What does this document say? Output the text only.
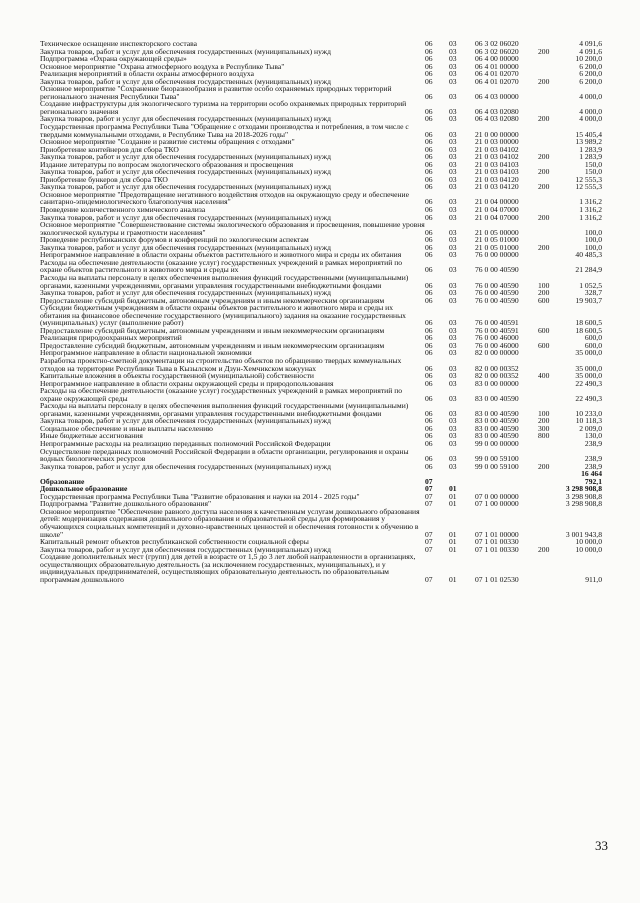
Техническое оснащение инспекторского состава	06	03	06 3 02 06020		4 091,6
Закупка товаров, работ и услуг для обеспечения государственных (муниципальных) нужд	06	03	06 3 02 06020	200	4 091,6
Подпрограмма «Охрана окружающей среды»	06	03	06 4 00 00000		10 200,0
Основное мероприятие "Охрана атмосферного воздуха в Республике Тыва"	06	03	06 4 01 00000		6 200,0
Реализация мероприятий в области охраны атмосферного воздуха	06	03	06 4 01 02070		6 200,0
Закупка товаров, работ и услуг для обеспечения государственных (муниципальных) нужд	06	03	06 4 01 02070	200	6 200,0
Основное мероприятие "Сохранение биоразнообразия и развитие особо охраняемых природных территорий регионального значения Республики Тыва"	06	03	06 4 03 00000		4 000,0
Создание инфраструктуры для экологического туризма на территории особо охраняемых природных территорий регионального значения	06	03	06 4 03 02080		4 000,0
Закупка товаров, работ и услуг для обеспечения государственных (муниципальных) нужд	06	03	06 4 03 02080	200	4 000,0
Государственная программа Республики Тыва "Обращение с отходами производства и потребления, в том числе с твердыми коммунальными отходами, в Республике Тыва на 2018-2026 годы"	06	03	21 0 00 00000		15 405,4
Основное мероприятие "Создание и развитие системы обращения с отходами"	06	03	21 0 03 00000		13 989,2
Приобретение контейнеров для сбора ТКО	06	03	21 0 03 04102		1 283,9
Закупка товаров, работ и услуг для обеспечения государственных (муниципальных) нужд	06	03	21 0 03 04102	200	1 283,9
Издание литературы по вопросам экологического образования и просвещения	06	03	21 0 03 04103		150,0
Закупка товаров, работ и услуг для обеспечения государственных (муниципальных) нужд	06	03	21 0 03 04103	200	150,0
Приобретение бункеров для сбора ТКО	06	03	21 0 03 04120		12 555,3
Закупка товаров, работ и услуг для обеспечения государственных (муниципальных) нужд	06	03	21 0 03 04120	200	12 555,3
Основное мероприятие "Предотвращение негативного воздействия отходов на окружающую среду и обеспечение санитарно-эпидемиологического благополучия населения"	06	03	21 0 04 00000		1 316,2
Проведение количественного химического анализа	06	03	21 0 04 07000		1 316,2
Закупка товаров, работ и услуг для обеспечения государственных (муниципальных) нужд	06	03	21 0 04 07000	200	1 316,2
Основное мероприятие "Совершенствование системы экологического образования и просвещения, повышение уровня экологической культуры и грамотности населения"	06	03	21 0 05 00000		100,0
Проведение республиканских форумов и конференций по экологическим аспектам	06	03	21 0 05 01000		100,0
Закупка товаров, работ и услуг для обеспечения государственных (муниципальных) нужд	06	03	21 0 05 01000	200	100,0
Непрограммное направление в области охраны объектов растительного и животного мира и среды их обитания	06	03	76 0 00 00000		40 485,3
Расходы на обеспечение деятельности (оказание услуг) государственных учреждений в рамках мероприятий по охране объектов растительного и животного мира и среды их	06	03	76 0 00 40590		21 284,9
Расходы на выплаты персоналу в целях обеспечения выполнения функций государственными (муниципальными) органами, казенными учреждениями, органами управления государственными внебюджетными фондами	06	03	76 0 00 40590	100	1 052,5
Закупка товаров, работ и услуг для обеспечения государственных (муниципальных) нужд	06	03	76 0 00 40590	200	328,7
Предоставление субсидий бюджетным, автономным учреждениям и иным некоммерческим организациям	06	03	76 0 00 40590	600	19 903,7
Субсидии бюджетным учреждениям в области охраны объектов растительного и животного мира и среды их обитания на финансовое обеспечение государственного (муниципального) задания на оказание государственных (муниципальных) услуг (выполнение работ)	06	03	76 0 00 40591		18 600,5
Предоставление субсидий бюджетным, автономным учреждениям и иным некоммерческим организациям	06	03	76 0 00 40591	600	18 600,5
Реализация природоохранных мероприятий	06	03	76 0 00 46000		600,0
Предоставление субсидий бюджетным, автономным учреждениям и иным некоммерческим организациям	06	03	76 0 00 46000	600	600,0
Непрограммное направление в области национальной экономики	06	03	82 0 00 00000		35 000,0
Разработка проектно-сметной документации на строительство объектов по обращению твердых коммунальных отходов на территории Республики Тыва в Кызылском и Дзун-Хемчикском кожуунах	06	03	82 0 00 00352		35 000,0
Капитальные вложения в объекты государственной (муниципальной) собственности	06	03	82 0 00 00352	400	35 000,0
Непрограммное направление в области охраны окружающей среды и природопользования	06	03	83 0 00 00000		22 490,3
Расходы на обеспечение деятельности (оказание услуг) государственных учреждений в рамках мероприятий по охране окружающей среды	06	03	83 0 00 40590		22 490,3
Расходы на выплаты персоналу в целях обеспечения выполнения функций государственными (муниципальными) органами, казенными учреждениями, органами управления государственными внебюджетными фондами	06	03	83 0 00 40590	100	10 233,0
Закупка товаров, работ и услуг для обеспечения государственных (муниципальных) нужд	06	03	83 0 00 40590	200	10 118,3
Социальное обеспечение и иные выплаты населению	06	03	83 0 00 40590	300	2 009,0
Иные бюджетные ассигнования	06	03	83 0 00 40590	800	130,0
Непрограммные расходы на реализацию переданных полномочий Российской Федерации	06	03	99 0 00 00000		238,9
Осуществление переданных полномочий Российской Федерации в области организации, регулирования и охраны водных биологических ресурсов	06	03	99 0 00 59100		238,9
Закупка товаров, работ и услуг для обеспечения государственных (муниципальных) нужд	06	03	99 0 00 59100	200	238,9
Образование	07				16 464 792,1
Дошкольное образование	07	01			3 298 908,8
Государственная программа Республики Тыва "Развитие образования и науки на 2014 - 2025 годы"	07	01	07 0 00 00000		3 298 908,8
Подпрограмма "Развитие дошкольного образования"	07	01	07 1 00 00000		3 298 908,8
Основное мероприятие "Обеспечение равного доступа населения к качественным услугам дошкольного образования детей: модернизация содержания дошкольного образования и образовательной среды для формирования у обучающихся социальных компетенций и духовно-нравственных ценностей и обеспечения готовности к обучению в школе"	07	01	07 1 01 00000		3 001 943,8
Капитальный ремонт объектов республиканской собственности социальной сферы	07	01	07 1 01 00330		10 000,0
Закупка товаров, работ и услуг для обеспечения государственных (муниципальных) нужд	07	01	07 1 01 00330	200	10 000,0
Создание дополнительных мест (групп) для детей в возрасте от 1,5 до 3 лет любой направленности в организациях, осуществляющих образовательную деятельность (за исключением государственных, муниципальных), и у индивидуальных предпринимателей, осуществляющих образовательную деятельность по образовательным программам дошкольного	07	01	07 1 01 02530		911,0
33
